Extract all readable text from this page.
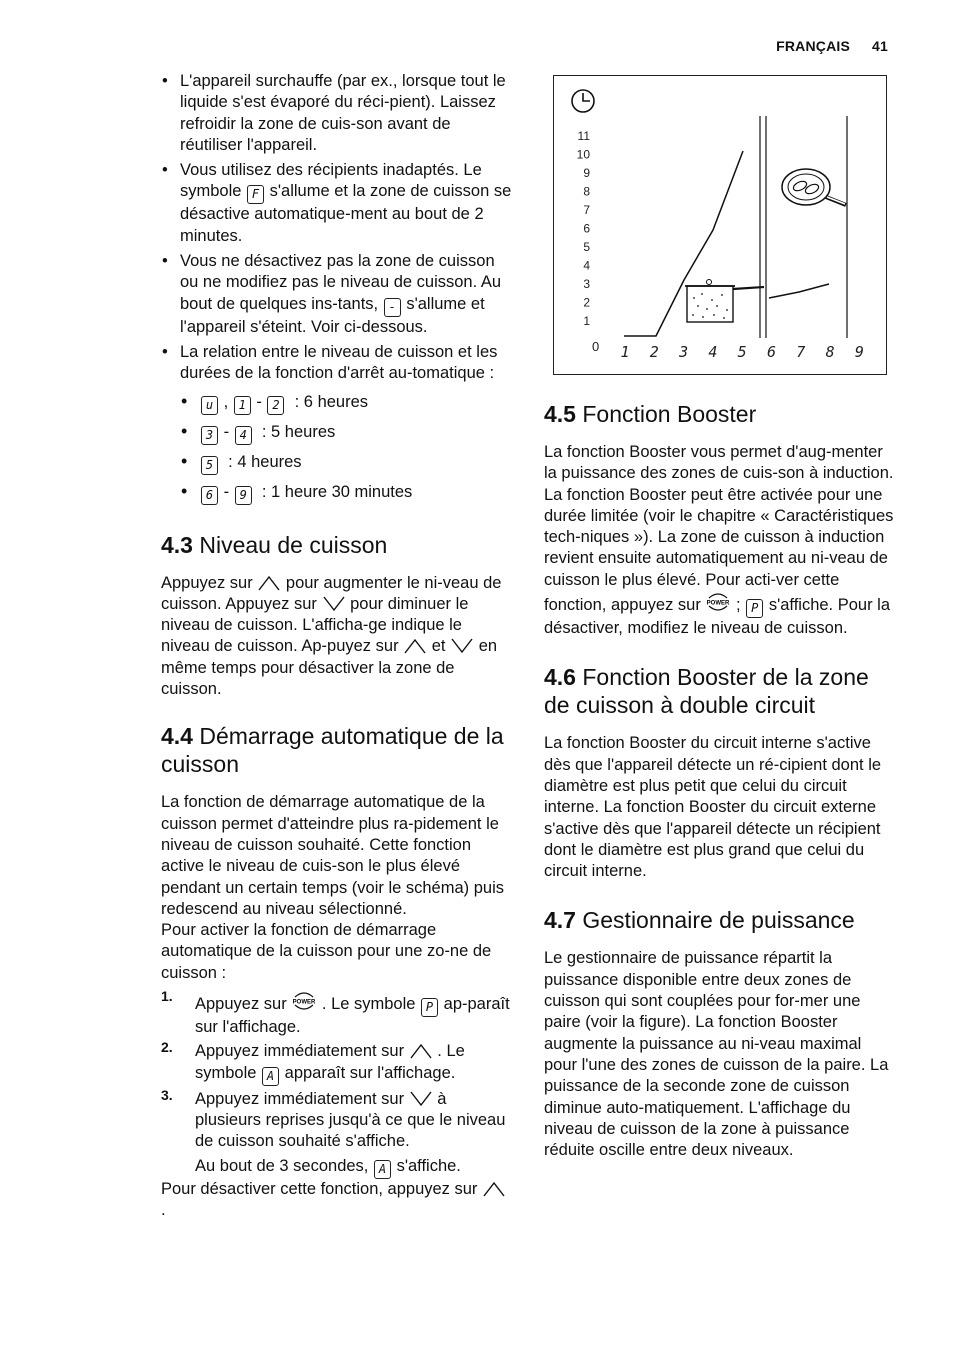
FRANÇAIS 41
• L'appareil surchauffe (par ex., lorsque tout le liquide s'est évaporé du réci-pient). Laissez refroidir la zone de cuis-son avant de réutiliser l'appareil.
• Vous utilisez des récipients inadaptés. Le symbole F s'allume et la zone de cuisson se désactive automatique-ment au bout de 2 minutes.
• Vous ne désactivez pas la zone de cuisson ou ne modifiez pas le niveau de cuisson. Au bout de quelques ins-tants, - s'allume et l'appareil s'éteint. Voir ci-dessous.
• La relation entre le niveau de cuisson et les durées de la fonction d'arrêt au-tomatique :
• u , 1 - 2 : 6 heures
• 3 - 4 : 5 heures
• 5 : 4 heures
• 6 - 9 : 1 heure 30 minutes
4.3 Niveau de cuisson

Appuyez sur pour augmenter le ni-veau de cuisson. Appuyez sur pour diminuer le niveau de cuisson. L'afficha-ge indique le niveau de cuisson. Ap-puyez sur et en même temps pour désactiver la zone de cuisson.

4.4 Démarrage automatique de la cuisson

La fonction de démarrage automatique de la cuisson permet d'atteindre plus ra-pidement le niveau de cuisson souhaité. Cette fonction active le niveau de cuis-son le plus élevé pendant un certain temps (voir le schéma) puis redescend au niveau sélectionné.

Pour activer la fonction de démarrage automatique de la cuisson pour une zo-ne de cuisson :

1. Appuyez sur POWER . Le symbole P ap-paraît sur l'affichage.
2. Appuyez immédiatement sur . Le symbole A apparaît sur l'affichage.
3. Appuyez immédiatement sur à plusieurs reprises jusqu'à ce que le niveau de cuisson souhaité s'affiche.

Au bout de 3 secondes, A s'affiche.

Pour désactiver cette fonction, appuyez sur  .

11
10
9
8
7
6
5
4
3
2
1
0 1 2 3 4 5 6 7 8 9
4.5 Fonction Booster

La fonction Booster vous permet d'aug-menter la puissance des zones de cuis-son à induction. La fonction Booster peut être activée pour une durée limitée (voir le chapitre « Caractéristiques tech-niques »). La zone de cuisson à induction revient ensuite automatiquement au ni-veau de cuisson le plus élevé. Pour acti-ver cette fonction, appuyez sur POWER ; P s'affiche. Pour la désactiver, modifiez le niveau de cuisson.

4.6 Fonction Booster de la zone de cuisson à double circuit

La fonction Booster du circuit interne s'active dès que l'appareil détecte un ré-cipient dont le diamètre est plus petit que celui du circuit interne. La fonction Booster du circuit externe s'active dès que l'appareil détecte un récipient dont le diamètre est plus grand que celui du circuit interne.

4.7 Gestionnaire de puissance

Le gestionnaire de puissance répartit la puissance disponible entre deux zones de cuisson qui sont couplées pour for-mer une paire (voir la figure). La fonction Booster augmente la puissance au ni-veau maximal pour l'une des zones de cuisson de la paire. La puissance de la seconde zone de cuisson diminue auto-matiquement. L'affichage du niveau de cuisson de la zone à puissance réduite oscille entre deux niveaux.
